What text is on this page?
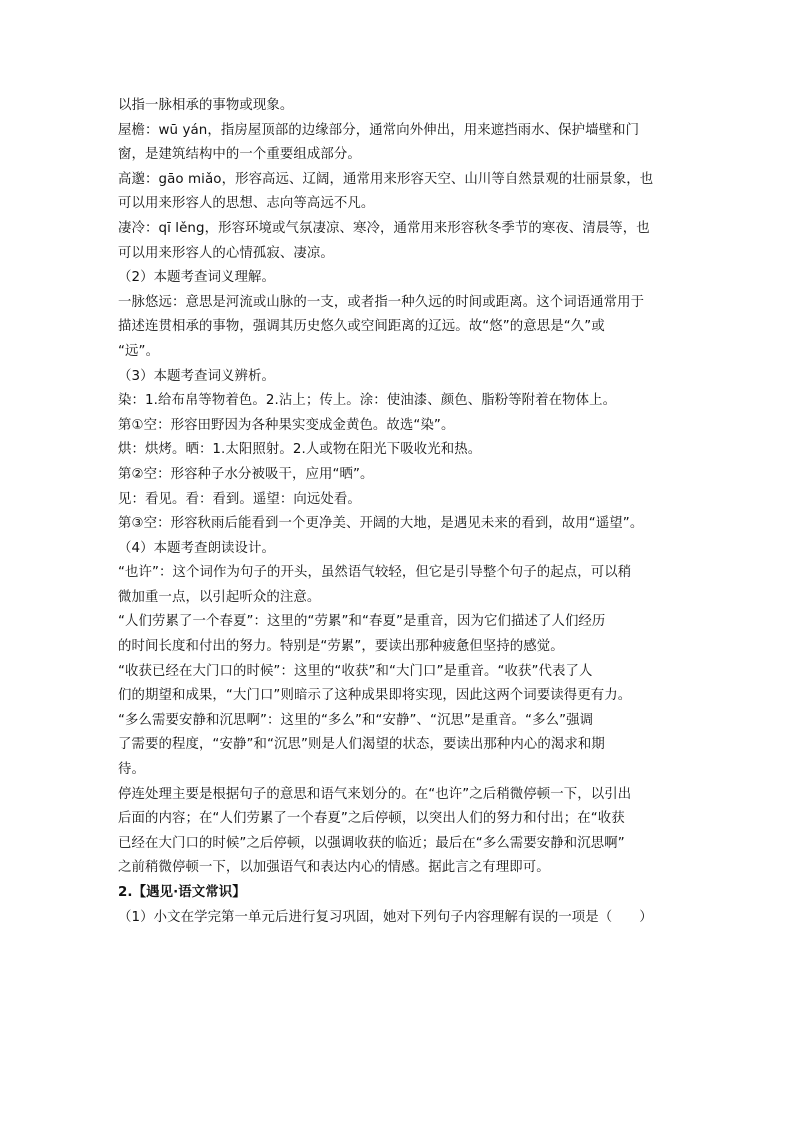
以指一脉相承的事物或现象。
屋檐：wū yán，指房屋顶部的边缘部分，通常向外伸出，用来遮挡雨水、保护墙壁和门
窗，是建筑结构中的一个重要组成部分。
高邈：gāo miǎo，形容高远、辽阔，通常用来形容天空、山川等自然景观的壮丽景象，也
可以用来形容人的思想、志向等高远不凡。
凄冷：qī lěng，形容环境或气氛凄凉、寒冷，通常用来形容秋冬季节的寒夜、清晨等，也
可以用来形容人的心情孤寂、凄凉。
（2）本题考查词义理解。
一脉悠远：意思是河流或山脉的一支，或者指一种久远的时间或距离。这个词语通常用于
描述连贯相承的事物，强调其历史悠久或空间距离的辽远。故“悠”的意思是“久”或
“远”。
（3）本题考查词义辨析。
染：1.给布帛等物着色。2.沾上；传上。涂：使油漆、颜色、脂粉等附着在物体上。
第①空：形容田野因为各种果实变成金黄色。故选“染”。
烘：烘烤。晒：1.太阳照射。2.人或物在阳光下吸收光和热。
第②空：形容种子水分被吸干，应用“晒”。
见：看见。看：看到。遥望：向远处看。
第③空：形容秋雨后能看到一个更净美、开阔的大地，是遇见未来的看到，故用“遥望”。
（4）本题考查朗读设计。
“也许”：这个词作为句子的开头，虽然语气较轻，但它是引导整个句子的起点，可以稍
微加重一点，以引起听众的注意。
“人们劳累了一个春夏”：这里的“劳累”和“春夏”是重音，因为它们描述了人们经历
的时间长度和付出的努力。特别是“劳累”，要读出那种疲惫但坚持的感觉。
“收获已经在大门口的时候”：这里的“收获”和“大门口”是重音。“收获”代表了人
们的期望和成果，“大门口”则暗示了这种成果即将实现，因此这两个词要读得更有力。
“多么需要安静和沉思啊”：这里的“多么”和“安静”、“沉思”是重音。“多么”强调
了需要的程度，“安静”和“沉思”则是人们渴望的状态，要读出那种内心的渴求和期
待。
停连处理主要是根据句子的意思和语气来划分的。在“也许”之后稍微停顿一下，以引出
后面的内容；在“人们劳累了一个春夏”之后停顿，以突出人们的努力和付出；在“收获
已经在大门口的时候”之后停顿，以强调收获的临近；最后在“多么需要安静和沉思啊”
之前稍微停顿一下，以加强语气和表达内心的情感。据此言之有理即可。
2.【遇见·语文常识】
（1）小文在学完第一单元后进行复习巩固，她对下列句子内容理解有误的一项是（　　）
